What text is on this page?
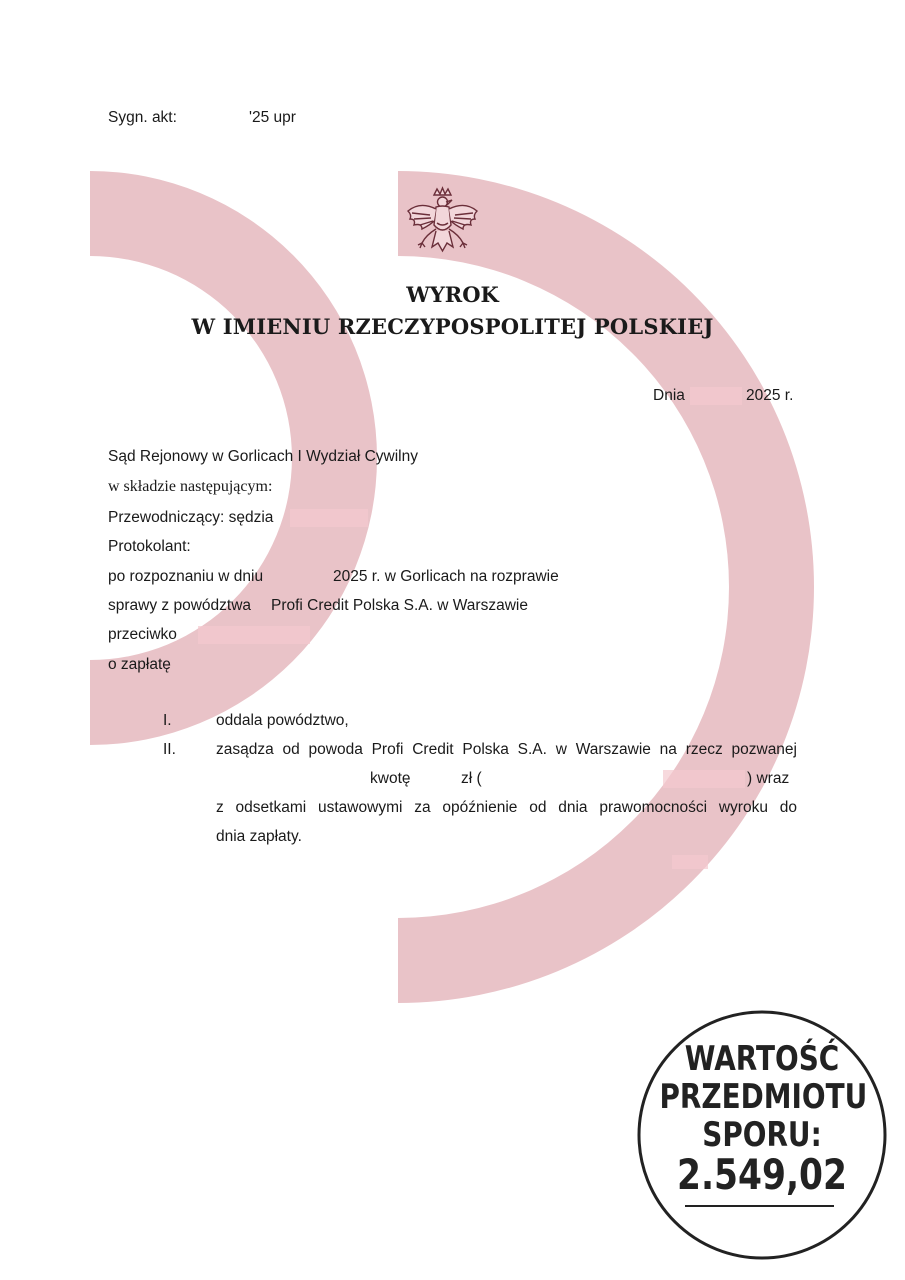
Sygn. akt:	'25 upr
WYROK
W IMIENIU RZECZYPOSPOLITEJ POLSKIEJ
Dnia	2025 r.
Sąd Rejonowy w Gorlicach I Wydział Cywilny
w składzie następującym:
Przewodniczący: sędzia
Protokolant:
po rozpoznaniu w dniu	2025 r. w Gorlicach na rozprawie
sprawy z powództwa Profi Credit Polska S.A. w Warszawie
przeciwko
o zapłatę
I.	oddala powództwo,
II.	zasądza od powoda Profi Credit Polska S.A. w Warszawie na rzecz pozwanej
kwotę	zł (	) wraz
z odsetkami ustawowymi za opóźnienie od dnia prawomocności wyroku do
dnia zapłaty.
WARTOŚĆ
PRZEDMIOTU
SPORU:
2.549,02
